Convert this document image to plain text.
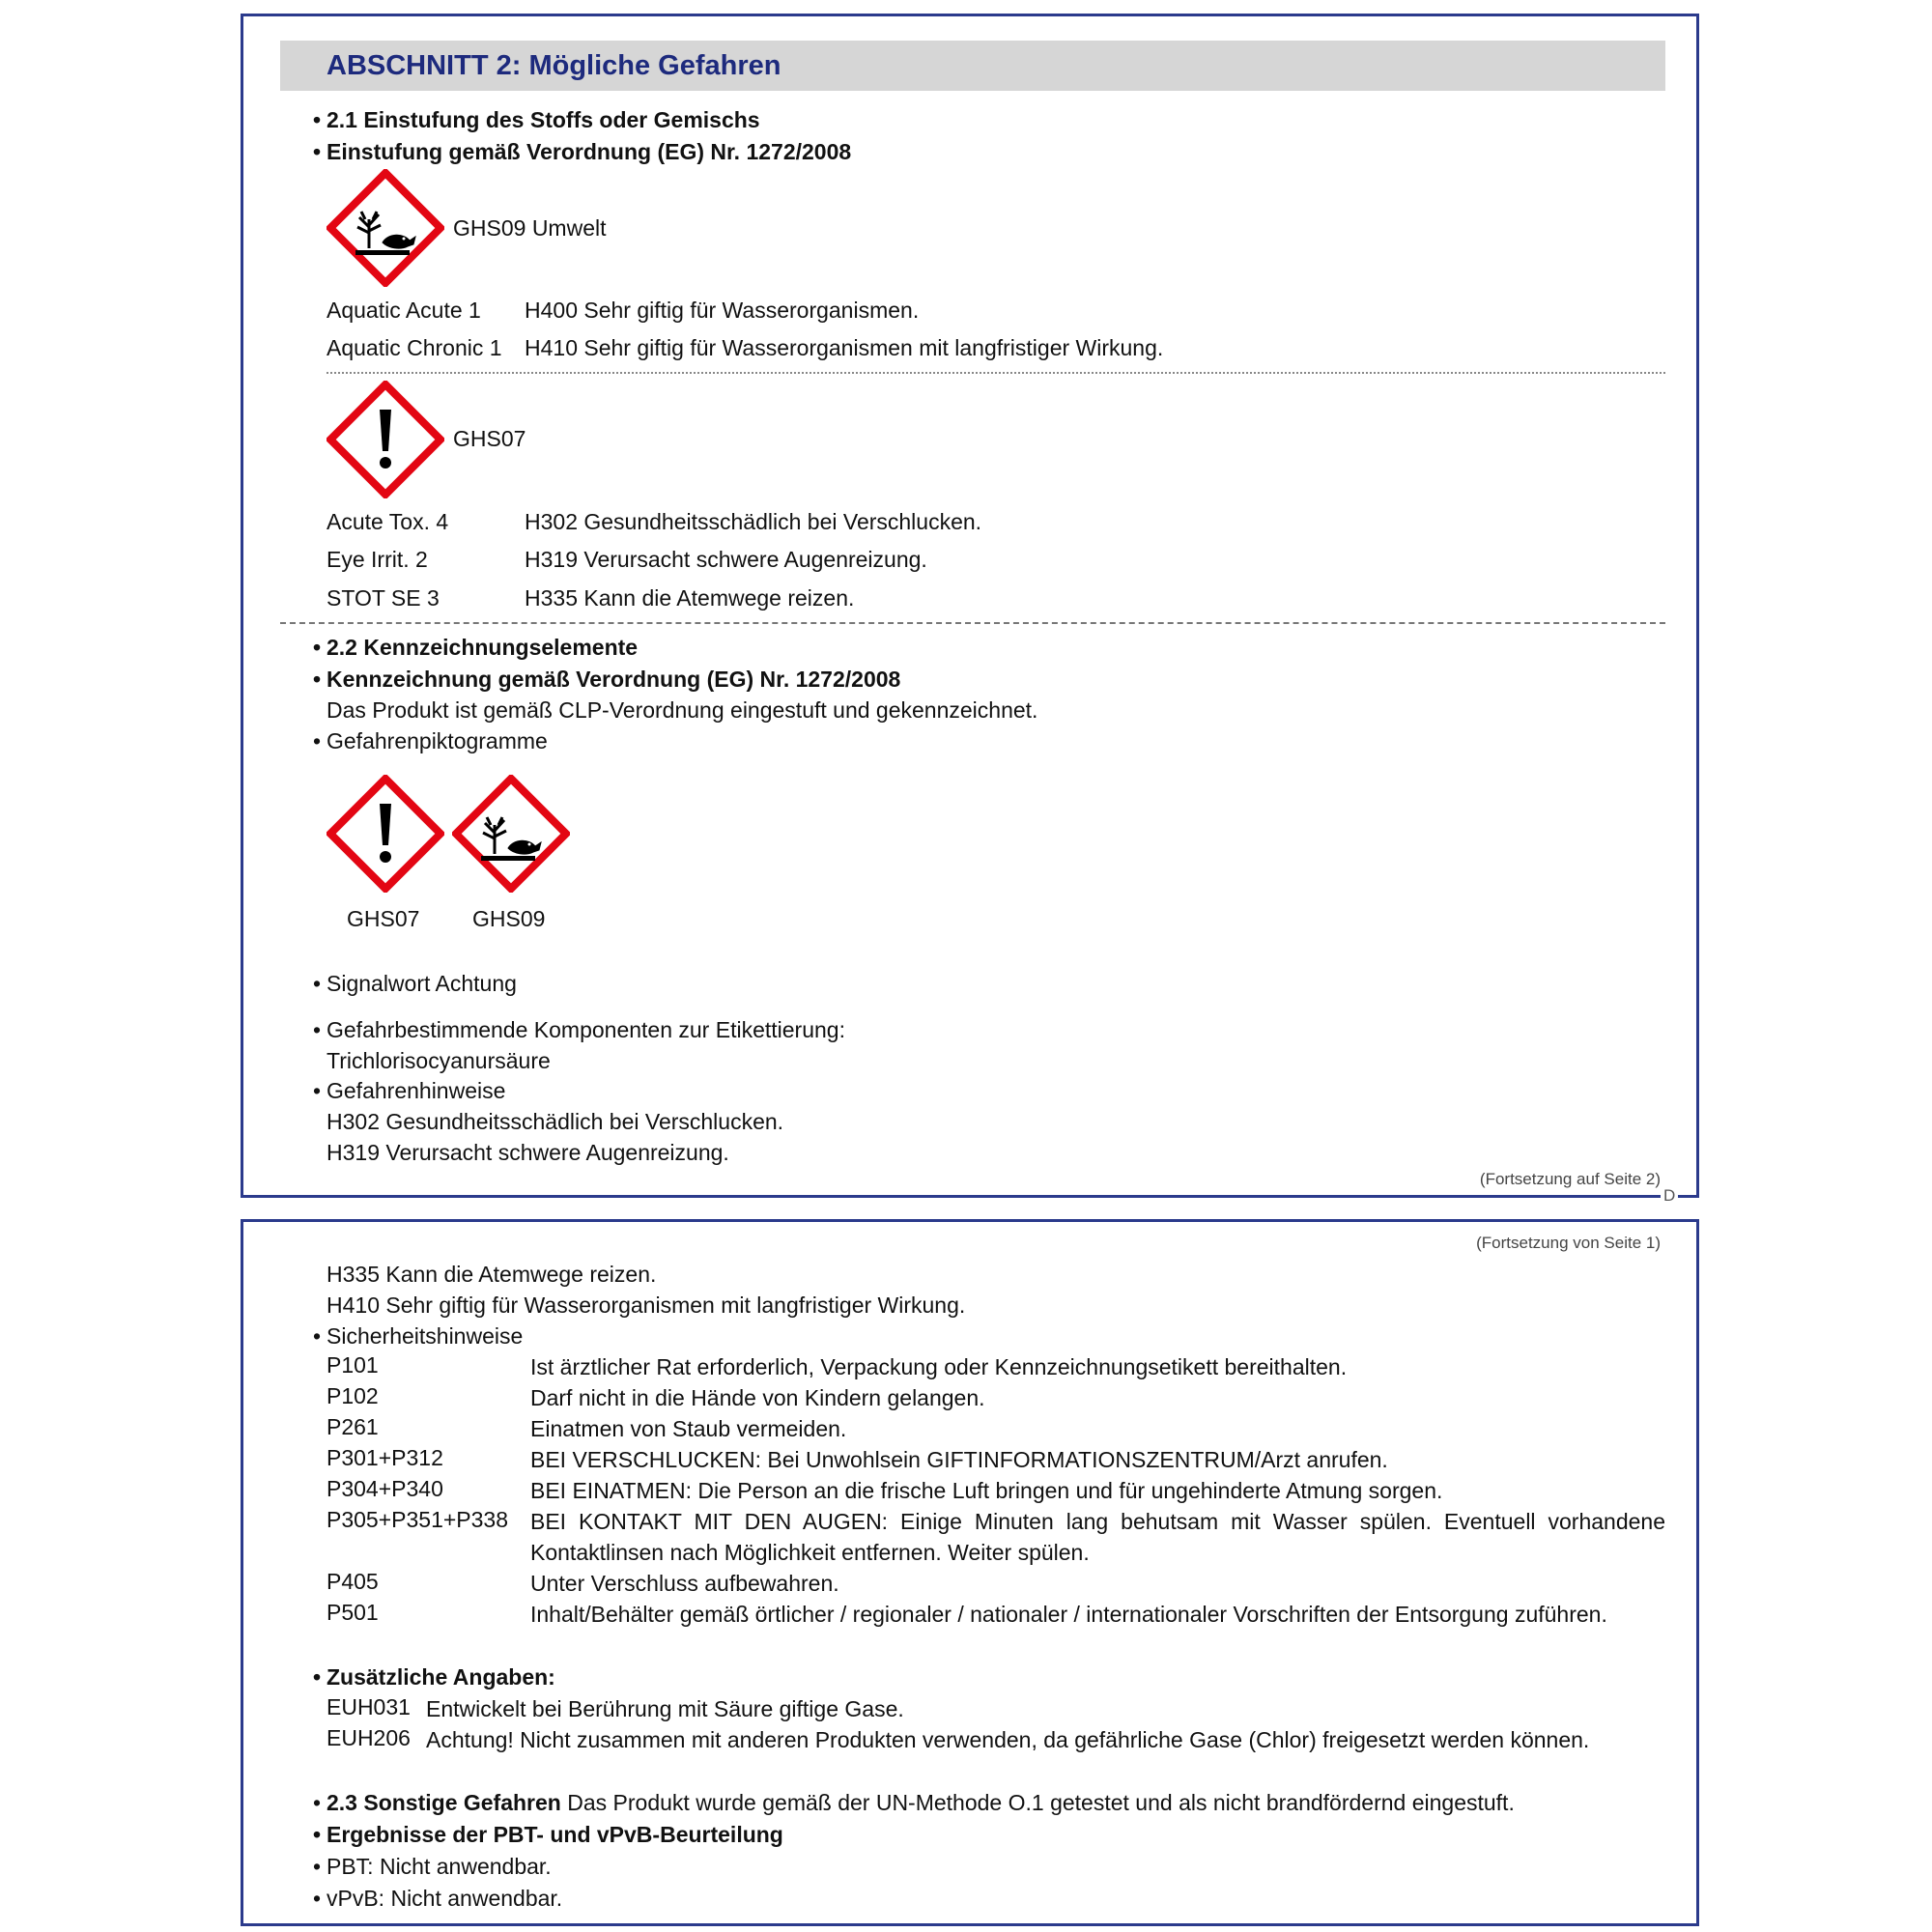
ABSCHNITT 2: Mögliche Gefahren
• 2.1 Einstufung des Stoffs oder Gemischs
• Einstufung gemäß Verordnung (EG) Nr. 1272/2008
GHS09 Umwelt
Aquatic Acute 1 H400 Sehr giftig für Wasserorganismen.
Aquatic Chronic 1 H410 Sehr giftig für Wasserorganismen mit langfristiger Wirkung.
GHS07
Acute Tox. 4	H302 Gesundheitsschädlich bei Verschlucken.
Eye Irrit. 2	H319 Verursacht schwere Augenreizung.
STOT SE 3	H335 Kann die Atemwege reizen.
• 2.2 Kennzeichnungselemente
• Kennzeichnung gemäß Verordnung (EG) Nr. 1272/2008
Das Produkt ist gemäß CLP-Verordnung eingestuft und gekennzeichnet.
• Gefahrenpiktogramme
GHS07 GHS09
• Signalwort Achtung
• Gefahrbestimmende Komponenten zur Etikettierung:
Trichlorisocyanursäure
• Gefahrenhinweise
H302 Gesundheitsschädlich bei Verschlucken.
H319 Verursacht schwere Augenreizung.
(Fortsetzung auf Seite 2)
D
(Fortsetzung von Seite 1)
H335 Kann die Atemwege reizen.
H410 Sehr giftig für Wasserorganismen mit langfristiger Wirkung.
• Sicherheitshinweise
P101	Ist ärztlicher Rat erforderlich, Verpackung oder Kennzeichnungsetikett bereithalten.
P102	Darf nicht in die Hände von Kindern gelangen.
P261	Einatmen von Staub vermeiden.
P301+P312	BEI VERSCHLUCKEN: Bei Unwohlsein GIFTINFORMATIONSZENTRUM/Arzt anrufen.
P304+P340	BEI EINATMEN: Die Person an die frische Luft bringen und für ungehinderte Atmung sorgen.
P305+P351+P338 BEI KONTAKT MIT DEN AUGEN: Einige Minuten lang behutsam mit Wasser spülen. Eventuell vorhandene Kontaktlinsen nach Möglichkeit entfernen. Weiter spülen.
P405	Unter Verschluss aufbewahren.
P501	Inhalt/Behälter gemäß örtlicher / regionaler / nationaler / internationaler Vorschriften der Entsorgung zuführen.
• Zusätzliche Angaben:
EUH031 Entwickelt bei Berührung mit Säure giftige Gase.
EUH206 Achtung! Nicht zusammen mit anderen Produkten verwenden, da gefährliche Gase (Chlor) freigesetzt werden können.
• 2.3 Sonstige Gefahren Das Produkt wurde gemäß der UN-Methode O.1 getestet und als nicht brandfördernd eingestuft.
• Ergebnisse der PBT- und vPvB-Beurteilung
• PBT: Nicht anwendbar.
• vPvB: Nicht anwendbar.
